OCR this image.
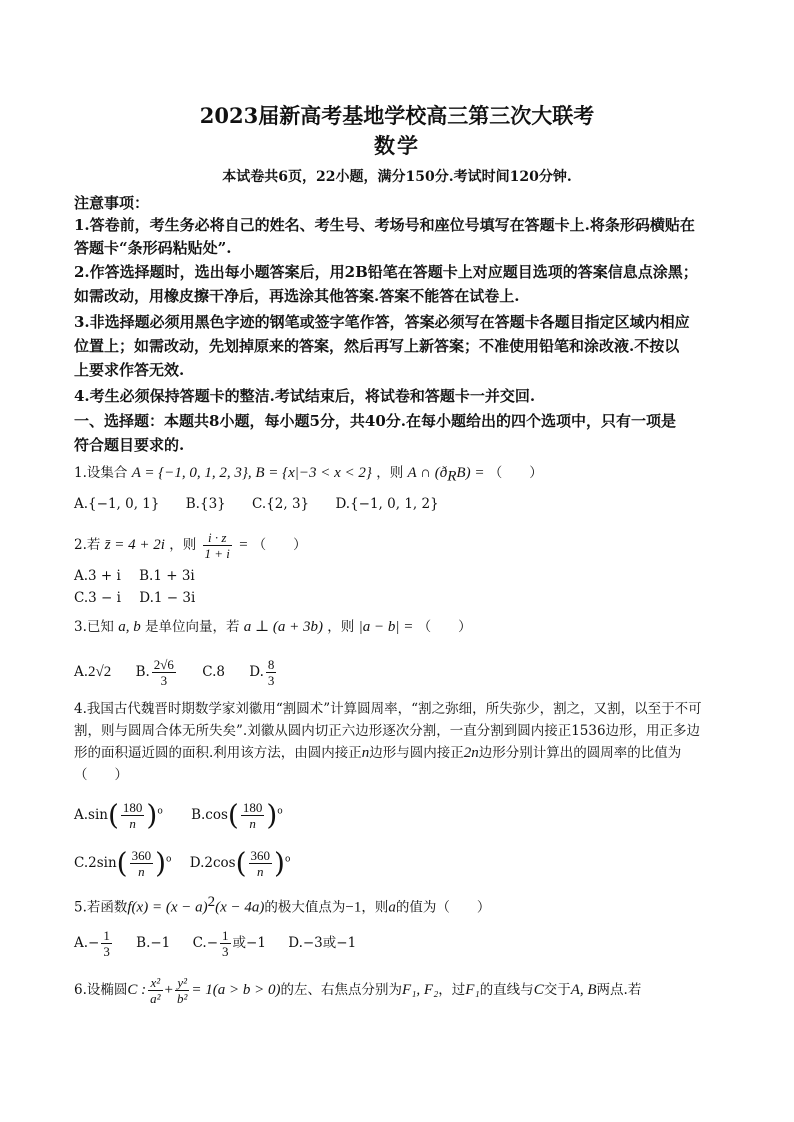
2023届新高考基地学校高三第三次大联考
数学
本试卷共6页，22小题，满分150分.考试时间120分钟.
注意事项：
1.答卷前，考生务必将自己的姓名、考生号、考场号和座位号填写在答题卡上.将条形码横贴在
答题卡“条形码粘贴处”.
2.作答选择题时，选出每小题答案后，用2B铅笔在答题卡上对应题目选项的答案信息点涂黑；
如需改动，用橡皮擦干净后，再选涂其他答案.答案不能答在试卷上.
3.非选择题必须用黑色字迹的钢笔或签字笔作答，答案必须写在答题卡各题目指定区域内相应
位置上；如需改动，先划掉原来的答案，然后再写上新答案；不准使用铅笔和涂改液.不按以
上要求作答无效.
4.考生必须保持答题卡的整洁.考试结束后，将试卷和答题卡一并交回.
一、选择题：本题共8小题，每小题5分，共40分.在每小题给出的四个选项中，只有一项是
符合题目要求的.
1.设集合 A = {−1, 0, 1, 2, 3}, B = {x|−3 < x < 2} ，则 A ∩ $(ð_RB)$ = （　　）
A.{−1, 0, 1} B.{3} C.{2, 3} D.{−1, 0, 1, 2}
2.若 z̄ = 4 + 2i ，则 $\frac{i \cdot z}{1 + i}$ = （　　）
A.3 + i B.1 + 3i
C.3 − i D.1 − 3i
3.已知 a, b 是单位向量，若 a ⊥ (a + 3b) ，则 |a − b| = （　　）
A.2√2 B. $\frac{2√6}{3} C.8$ D. $\frac{8}{3}$
4.我国古代魏晋时期数学家刘徽用“割圆术”计算圆周率，“割之弥细，所失弥少，割之，又割，以至于不可
割，则与圆周合体无所失矣”.刘徽从圆内切正六边形逐次分割，一直分割到圆内接正1536边形，用正多边
形的面积逼近圆的面积.利用该方法，由圆内接正n边形与圆内接正2n边形分别计算出的圆周率的比值为
（　　）
$A.\sin( \frac{180}{n} )^o$ $B.\cos( \frac{180}{n} )^o$
$C.2\sin( \frac{360}{n} )^o$ $D.2\cos( \frac{360}{n} )^o$
5.若函数$f(x) = (x - a)^2(x - 4a)$的极大值点为−1，则a的值为（　　）
$A.- \frac{1}{3} B.-1$ $C.- \frac{1}{3}$ 或−1 D.−3或−1
6.设椭圆C : $\frac{\text{x²}}{\text{a²}} + \frac{\text{y²}}{\text{b²}} = 1(a > b > 0)$的左、右焦点分别为F₁, F₂，过F₁的直线与C交于A, B两点.若
